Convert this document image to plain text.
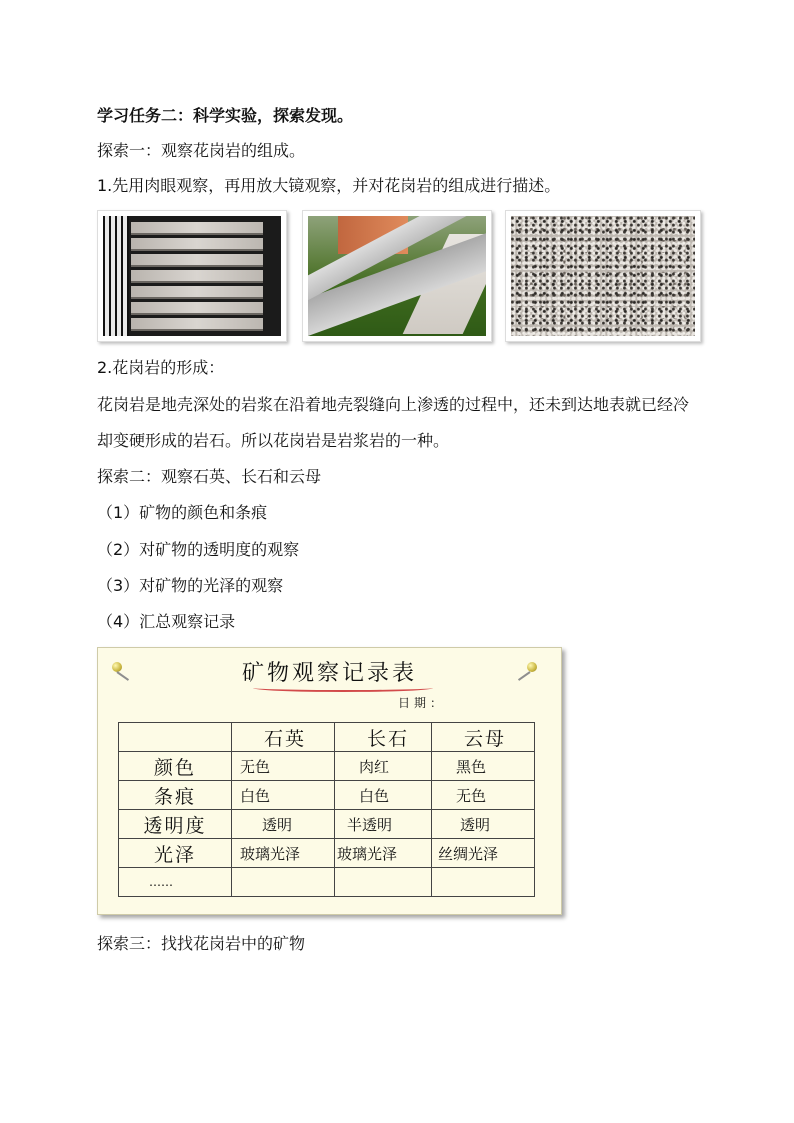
学习任务二：科学实验，探索发现。
探索一：观察花岗岩的组成。
1.先用肉眼观察，再用放大镜观察，并对花岗岩的组成进行描述。
2.花岗岩的形成：
花岗岩是地壳深处的岩浆在沿着地壳裂缝向上渗透的过程中，还未到达地表就已经冷却变硬形成的岩石。所以花岗岩是岩浆岩的一种。
探索二：观察石英、长石和云母
（1）矿物的颜色和条痕
（2）对矿物的透明度的观察
（3）对矿物的光泽的观察
（4）汇总观察记录
矿物观察记录表
日期：
	石英	长石	云母
颜色	无色	肉红	黑色
条痕	白色	白色	无色
透明度	透明	半透明	透明
光泽	玻璃光泽	玻璃光泽	丝绸光泽
……			
探索三：找找花岗岩中的矿物
